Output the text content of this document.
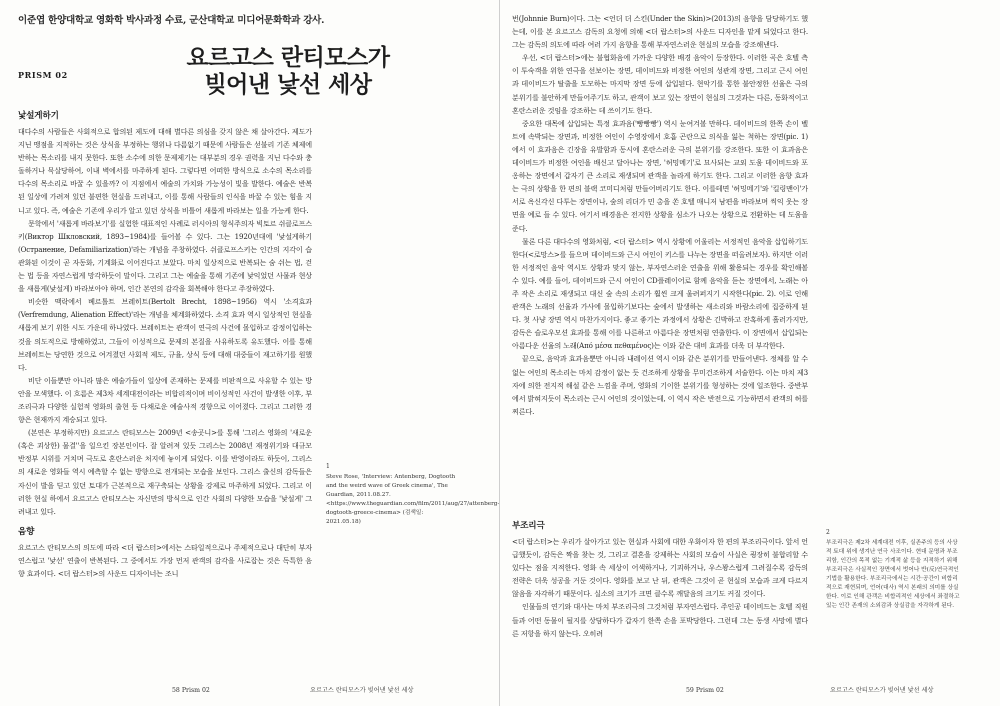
이준엽 한양대학교 영화학 박사과정 수료, 군산대학교 미디어문화학과 강사.
PRISM 02
요르고스 란티모스가
빚어낸 낯선 세상
낯설게하기

대다수의 사람들은 사회적으로 합의된 제도에 대해 별다른 의심을 갖지 않은 채 살아간다. 제도가 지닌 맹점을 지적하는 것은 상식을 부정하는 행위나 다름없기 때문에 사람들은 섣불리 기존 체제에 반하는 목소리를 내지 못한다. 또한 소수에 의한 문제제기는 대부분의 경우 권력을 지닌 다수와 충돌하거나 묵살당하여, 이내 벽에서를 마주하게 된다. 그렇다면 어떠한 방식으로 소수의 목소리를 다수의 목소리로 바꿀 수 있을까? 이 지점에서 예술의 가치와 가능성이 빛을 발한다. 예술은 반복된 일상에 가려져 있던 불편한 현실을 드러내고, 이를 통해 사람들의 인식을 바꿀 수 있는 힘을 지니고 있다. 즉, 예술은 기존에 우리가 알고 있던 상식을 비틀어 새롭게 바라보는 일을 가능케 한다.

문학에서 '새롭게 바라보기'를 실험한 대표적인 사례로 러시아의 형식주의자 빅토르 쉬클로프스키(Виктор Шкловский, 1893~1984)를 들어볼 수 있다. 그는 1920년대에 '낯설게하기(Остранение, Defamiliarization)'라는 개념을 주창하였다. 쉬클로프스키는 인간의 지각이 습관화된 이것이 곧 자동화, 기계화로 이어진다고 보았다. 마치 일상적으로 반복되는 숨 쉬는 법, 걷는 법 등을 자연스럽게 망각하듯이 말이다. 그리고 그는 예술을 통해 기존에 낯익었던 사물과 현상을 새롭게(낯설게) 바라보아야 하며, 인간 본연의 감각을 회복해야 한다고 주장하였다.

비슷한 맥락에서 베르톨트 브레히트(Bertolt Brecht, 1898~1956) 역시 '소격효과(Verfremdung, Alienation Effect)'라는 개념을 체계화하였다. 소격 효과 역시 일상적인 현실을 새롭게 보기 위한 시도 가운데 하나였다. 브레히트는 관객이 연극의 사건에 몰입하고 감정이입하는 것을 의도적으로 방해하였고, 그들이 이성적으로 문제의 본질을 사유하도록 유도했다. 이를 통해 브레히트는 당연한 것으로 여겨졌던 사회적 제도, 규율, 상식 등에 대해 대중들이 재고하기를 원했다.

비단 이들뿐만 아니라 많은 예술가들이 일상에 존재하는 문제를 비판적으로 사유할 수 있는 방안을 모색했다. 이 흐름은 제3차 세계대전이라는 비합리적이며 비이성적인 사건이 발생한 이후, 부조리극과 다양한 실험적 영화의 출현 등 다채로운 예술사적 경향으로 이어졌다. 그리고 그러한 경향은 현재까지 계승되고 있다.

(본연은 부정하지만) 요르고스 란티모스는 2009년 <송곳니>를 통해 '그리스 영화의 '새로운(혹은 괴상한) 물결''을 일으킨 장본인이다. 잘 알려져 있듯 그리스는 2008년 재정위기와 대규모 반정부 시위를 거치며 극도로 혼란스러운 처지에 놓이게 되었다. 이를 반영이라도 하듯이, 그리스의 새로운 영화들 역시 예측할 수 없는 방향으로 전개되는 모습을 보인다. 그리스 출신의 감독들은 자신이 발을 딛고 있던 토대가 근본적으로 재구축되는 상황을 강제로 마주하게 되었다. 그리고 이러한 현실 하에서 요르고스 란티모스는 자신만의 방식으로 인간 사회의 다양한 모습을 '낯설게' 그려내고 있다.

음향

요르고스 란티모스의 의도에 따라 <더 랍스터>에서는 스타일적으로나 주제적으로나 대단히 부자연스럽고 '낯선' 연출이 반복된다. 그 중에서도 가장 먼저 관객의 감각을 사로잡는 것은 독특한 음향 효과이다. <더 랍스터>의 사운드 디자이너는 조니

1
Steve Rose, 'Interview: Antenberg, Dogtooth and the weird wave of Greek cinema', The Guardian, 2011.08.27. <https://www.theguardian.com/film/2011/aug/27/attenberg-dogtooth-greece-cinema> (검색일: 2021.05.18)
58 Prism 02	요르고스 란티모스가 빚어낸 낯선 세상

번(Johnnie Burn)이다. 그는 <언더 더 스킨(Under the Skin)>(2013)의 음향을 담당하기도 했는데, 이를 본 요르고스 감독의 요청에 의해 <더 랍스터>의 사운드 디자인을 맡게 되었다고 한다. 그는 감독의 의도에 따라 여러 가지 음향을 통해 부자연스러운 현실의 모습을 강조해낸다.

우선, <더 랍스터>에는 불협화음에 가까운 다양한 배경 음악이 등장한다. 이러한 곡은 호텔 측이 투숙객을 위한 연극을 선보이는 장면, 데이비드와 비정한 여인의 성관계 장면, 그리고 근시 여인과 데이비드가 탈출을 도모하는 마지막 장면 등에 삽입된다. 현악기를 통한 불안정한 선율은 극의 분위기를 불안하게 만들어주기도 하고, 관객이 보고 있는 장면이 현실의 그것과는 다른, 동화적이고 혼란스러운 것임을 강조하는 데 쓰이기도 한다.

중요한 대목에 삽입되는 특정 효과음('빵빵빵') 역시 눈여겨볼 만하다. 데이비드의 한쪽 손이 벨트에 속박되는 장면과, 비정한 여인이 수영장에서 호흡 곤란으로 의식을 잃는 척하는 장면(pic. 1)에서 이 효과음은 긴장을 유발함과 동시에 혼란스러운 극의 분위기를 강조한다. 또한 이 효과음은 데이비드가 비정한 여인을 배신고 달아나는 장면, '허밍메기'로 묘사되는 교외 도움 데이비드와 포옹하는 장면에서 갑자기 큰 소리로 재생되며 관객을 놀라게 하기도 한다. 그리고 이러한 음향 효과는 극의 상황을 한 편의 블랙 코미디처럼 만들어버리기도 한다. 이를테면 '허밍메기'와 '킬링맨이'가 서로 옥신각신 다투는 장면이나, 숲의 리더가 민 총을 쏜 호텔 매니저 남편을 바라보며 씩익 웃는 장면을 예로 들 수 있다. 여기서 배경음은 전지한 상황을 심소가 나오는 상황으로 전환하는 데 도움을 준다.

물론 다른 대다수의 영화처럼, <더 랍스터> 역시 상황에 어울리는 서정적인 음악을 삽입하기도 한다(<로망스>를 들으며 데이비드와 근시 여인이 키스를 나누는 장면을 떠올려보자). 하지만 이러한 서정적인 음악 역시도 상황과 맞지 않는, 부자연스러운 연출을 위해 활용되는 경우를 확인해볼 수 있다. 예를 들어, 데이비드와 근시 여인이 CD플레이어로 함께 음악을 듣는 장면에서, 노래는 아주 작은 소리로 재생되고 대신 숲 속의 소리가 훨씬 크게 울려퍼지기 시작한다(pic. 2). 이로 인해 관객은 노래의 선율과 가사에 몰입하기보다는 숲에서 발생하는 새소리와 바람소리에 집중하게 된다. 첫 사냥 장면 역시 마찬가지이다. 좋고 좋기는 과정에서 상황은 긴박하고 잔혹하게 흘러가지만, 감독은 슬로우모션 효과를 통해 이를 나른하고 아름다운 장면처럼 연출한다. 이 장면에서 삽입되는 아름다운 선율의 노래(Από μέσα πεθαμένος)는 이와 같은 대비 효과를 더욱 더 부각한다.

끝으로, 음악과 효과음뿐만 아니라 내레이션 역시 이와 같은 분위기를 만들어낸다. 정체를 알 수 없는 여인의 목소리는 마치 감정이 없는 듯 건조하게 상황을 무미건조하게 서술한다. 이는 마치 제3자에 의한 전지적 해설 같은 느낌을 주며, 영화의 기이한 분위기를 형성하는 것에 일조한다. 중반부에서 밝혀지듯이 목소리는 근시 여인의 것이었는데, 이 역시 작은 반전으로 기능하면서 관객의 허를 찌른다.

부조리극

<더 랍스터>는 우리가 살아가고 있는 현실과 사회에 대한 우화이자 한 편의 부조리극이다. 앞서 언급했듯이, 감독은 짝을 찾는 것, 그리고 결혼을 강제하는 사회의 모습이 사실은 굉장히 불합리할 수 있다는 점을 지적한다. 영화 속 세상이 어색하거나, 기괴하거나, 우스꽝스럽게 그려질수록 감독의 전략은 더욱 성공을 거둔 것이다. 영화를 보고 난 뒤, 관객은 그것이 곧 현실의 모습과 크게 다르지 않음을 자각하기 때문이다. 실소의 크기가 크면 클수록 깨달음의 크기도 커질 것이다.

인물들의 연기와 대사는 마치 부조리극의 그것처럼 부자연스럽다. 주인공 데이비드는 호텔 직원들과 어떤 동물이 될지를 상담하다가 갑자기 한쪽 손을 포박당한다. 그런데 그는 동생 사망에 별다른 저항을 하지 않는다. 오히려

2
부조리극은 제2차 세계대전 이후, 실존주의 등의 사상적 토대 위에 생겨난 연극 사조이다. 현대 문명과 부조리함, 인간의 목적 없는 기계적 삶 등을 지적하기 위해 부조리극은 사실적인 장면에서 벗어나 반(反)연극적인 기법을 활용한다. 부조리극에서는 시간·공간이 비합리적으로 재현되며, 언어(대사) 역시 본래의 의미를 상실한다. 이로 인해 관객은 비합리적인 세상에서 좌절하고 있는 인간 존재의 소외감과 상실감을 자각하게 된다.
59 Prism 02	요르고스 란티모스가 빚어낸 낯선 세상
